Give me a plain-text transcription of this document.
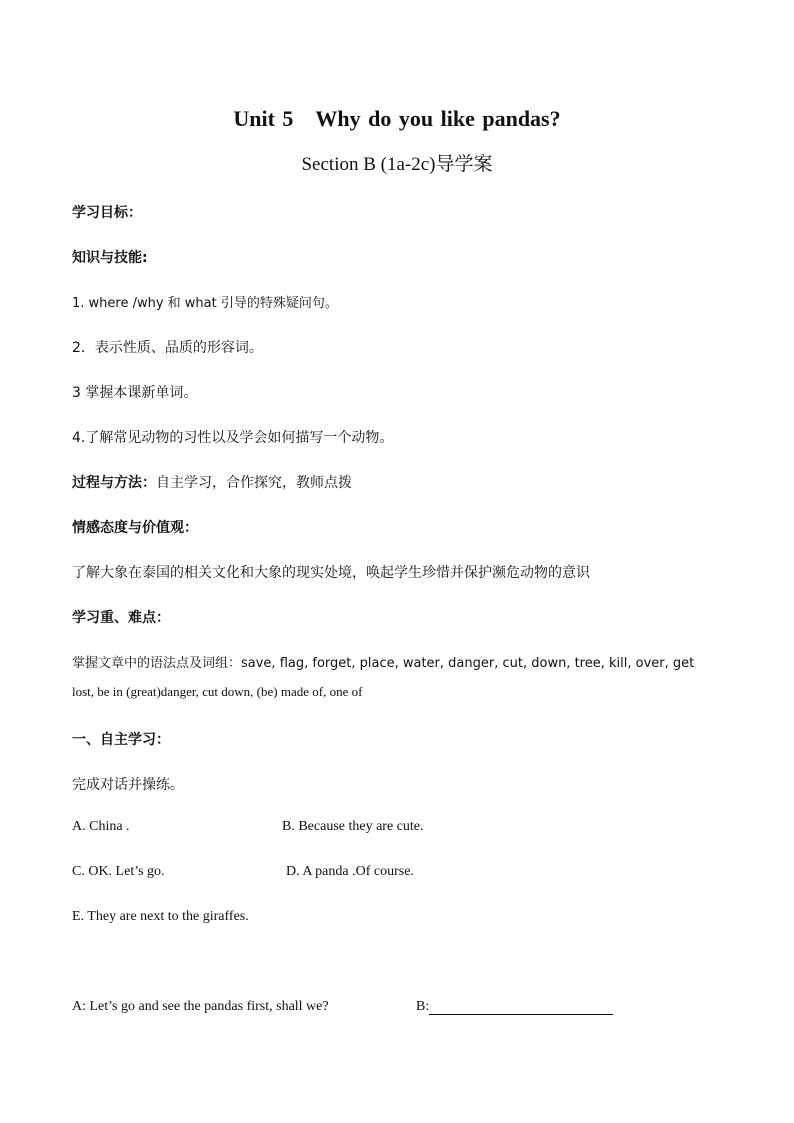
Unit 5 Why do you like pandas?
Section B (1a-2c)导学案
学习目标：
知识与技能:
1. where /why 和 what 引导的特殊疑问句。
2．表示性质、品质的形容词。
3 掌握本课新单词。
4.了解常见动物的习性以及学会如何描写一个动物。
过程与方法：自主学习，合作探究，教师点拨
情感态度与价值观：
了解大象在泰国的相关文化和大象的现实处境，唤起学生珍惜并保护濒危动物的意识
学习重、难点：
掌握文章中的语法点及词组：save, flag, forget, place, water, danger, cut, down, tree, kill, over, get
lost, be in (great)danger, cut down, (be) made of, one of
一、自主学习：
完成对话并操练。
A. China .	B. Because they are cute.
C. OK. Let’s go.	D. A panda .Of course.
E. They are next to the giraffes.
A: Let’s go and see the pandas first, shall we?	B:
